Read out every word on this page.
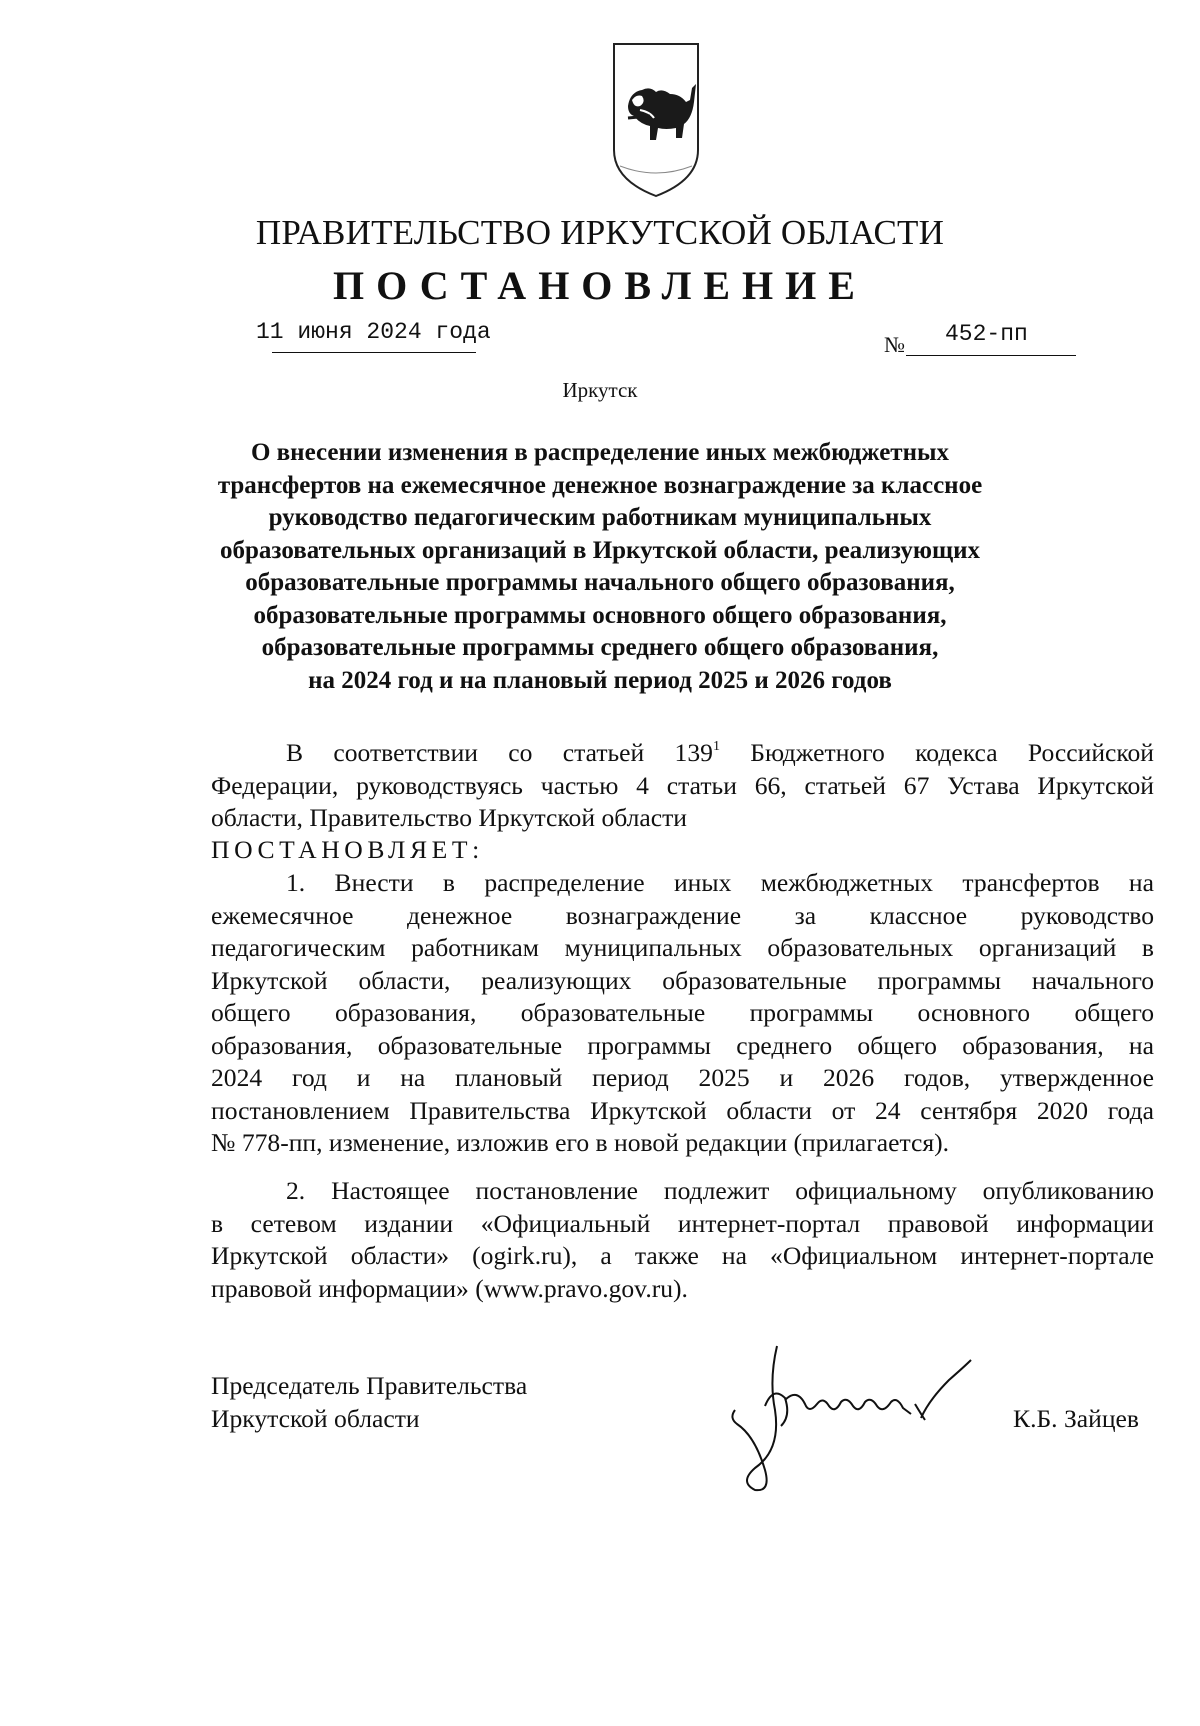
ПРАВИТЕЛЬСТВО ИРКУТСКОЙ ОБЛАСТИ
ПОСТАНОВЛЕНИЕ
11 июня 2024 года	№ 452-пп
Иркутск
О внесении изменения в распределение иных межбюджетных
трансфертов на ежемесячное денежное вознаграждение за классное
руководство педагогическим работникам муниципальных
образовательных организаций в Иркутской области, реализующих
образовательные программы начального общего образования,
образовательные программы основного общего образования,
образовательные программы среднего общего образования,
на 2024 год и на плановый период 2025 и 2026 годов
В соответствии со статьей $139^1$ Бюджетного кодекса Российской
Федерации, руководствуясь частью 4 статьи 66, статьей 67 Устава Иркутской
области, Правительство Иркутской области
ПОСТАНОВЛЯЕТ:
1. Внести в распределение иных межбюджетных трансфертов на
ежемесячное денежное вознаграждение за классное руководство
педагогическим работникам муниципальных образовательных организаций в
Иркутской области, реализующих образовательные программы начального
общего образования, образовательные программы основного общего
образования, образовательные программы среднего общего образования, на
2024 год и на плановый период 2025 и 2026 годов, утвержденное
постановлением Правительства Иркутской области от 24 сентября 2020 года
№ 778-пп, изменение, изложив его в новой редакции (прилагается).
2. Настоящее постановление подлежит официальному опубликованию
в сетевом издании «Официальный интернет-портал правовой информации
Иркутской области» (ogirk.ru), а также на «Официальном интернет-портале
правовой информации» (www.pravo.gov.ru).
Председатель Правительства
Иркутской области	К.Б. Зайцев
